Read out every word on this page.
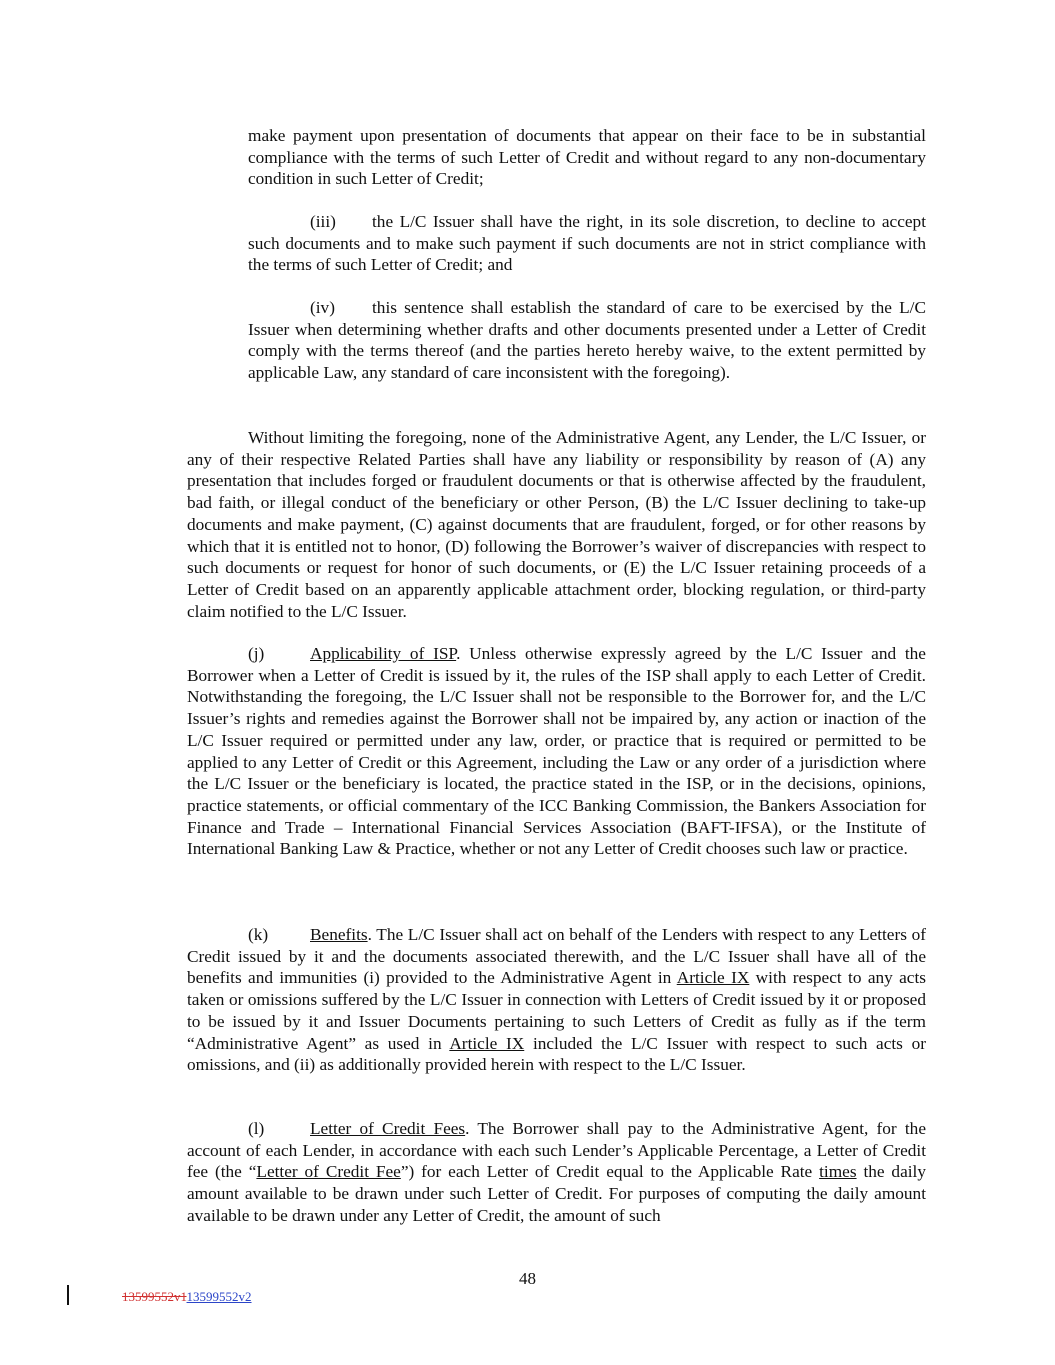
make payment upon presentation of documents that appear on their face to be in substantial compliance with the terms of such Letter of Credit and without regard to any non-documentary condition in such Letter of Credit;

(iii) the L/C Issuer shall have the right, in its sole discretion, to decline to accept such documents and to make such payment if such documents are not in strict compliance with the terms of such Letter of Credit; and

(iv) this sentence shall establish the standard of care to be exercised by the L/C Issuer when determining whether drafts and other documents presented under a Letter of Credit comply with the terms thereof (and the parties hereto hereby waive, to the extent permitted by applicable Law, any standard of care inconsistent with the foregoing).

Without limiting the foregoing, none of the Administrative Agent, any Lender, the L/C Issuer, or any of their respective Related Parties shall have any liability or responsibility by reason of (A) any presentation that includes forged or fraudulent documents or that is otherwise affected by the fraudulent, bad faith, or illegal conduct of the beneficiary or other Person, (B) the L/C Issuer declining to take-up documents and make payment, (C) against documents that are fraudulent, forged, or for other reasons by which that it is entitled not to honor, (D) following the Borrower’s waiver of discrepancies with respect to such documents or request for honor of such documents, or (E) the L/C Issuer retaining proceeds of a Letter of Credit based on an apparently applicable attachment order, blocking regulation, or third-party claim notified to the L/C Issuer.

(j)	Applicability of ISP. Unless otherwise expressly agreed by the L/C Issuer and the Borrower when a Letter of Credit is issued by it, the rules of the ISP shall apply to each Letter of Credit. Notwithstanding the foregoing, the L/C Issuer shall not be responsible to the Borrower for, and the L/C Issuer’s rights and remedies against the Borrower shall not be impaired by, any action or inaction of the L/C Issuer required or permitted under any law, order, or practice that is required or permitted to be applied to any Letter of Credit or this Agreement, including the Law or any order of a jurisdiction where the L/C Issuer or the beneficiary is located, the practice stated in the ISP, or in the decisions, opinions, practice statements, or official commentary of the ICC Banking Commission, the Bankers Association for Finance and Trade – International Financial Services Association (BAFT-IFSA), or the Institute of International Banking Law & Practice, whether or not any Letter of Credit chooses such law or practice.

(k) Benefits. The L/C Issuer shall act on behalf of the Lenders with respect to any Letters of Credit issued by it and the documents associated therewith, and the L/C Issuer shall have all of the benefits and immunities (i) provided to the Administrative Agent in Article IX with respect to any acts taken or omissions suffered by the L/C Issuer in connection with Letters of Credit issued by it or proposed to be issued by it and Issuer Documents pertaining to such Letters of Credit as fully as if the term “Administrative Agent” as used in Article IX included the L/C Issuer with respect to such acts or omissions, and (ii) as additionally provided herein with respect to the L/C Issuer.

(l)	Letter of Credit Fees. The Borrower shall pay to the Administrative Agent, for the account of each Lender, in accordance with each such Lender’s Applicable Percentage, a Letter of Credit fee (the “Letter of Credit Fee”) for each Letter of Credit equal to the Applicable Rate times the daily amount available to be drawn under such Letter of Credit. For purposes of computing the daily amount available to be drawn under any Letter of Credit, the amount of such

48
13599552v113599552v2
